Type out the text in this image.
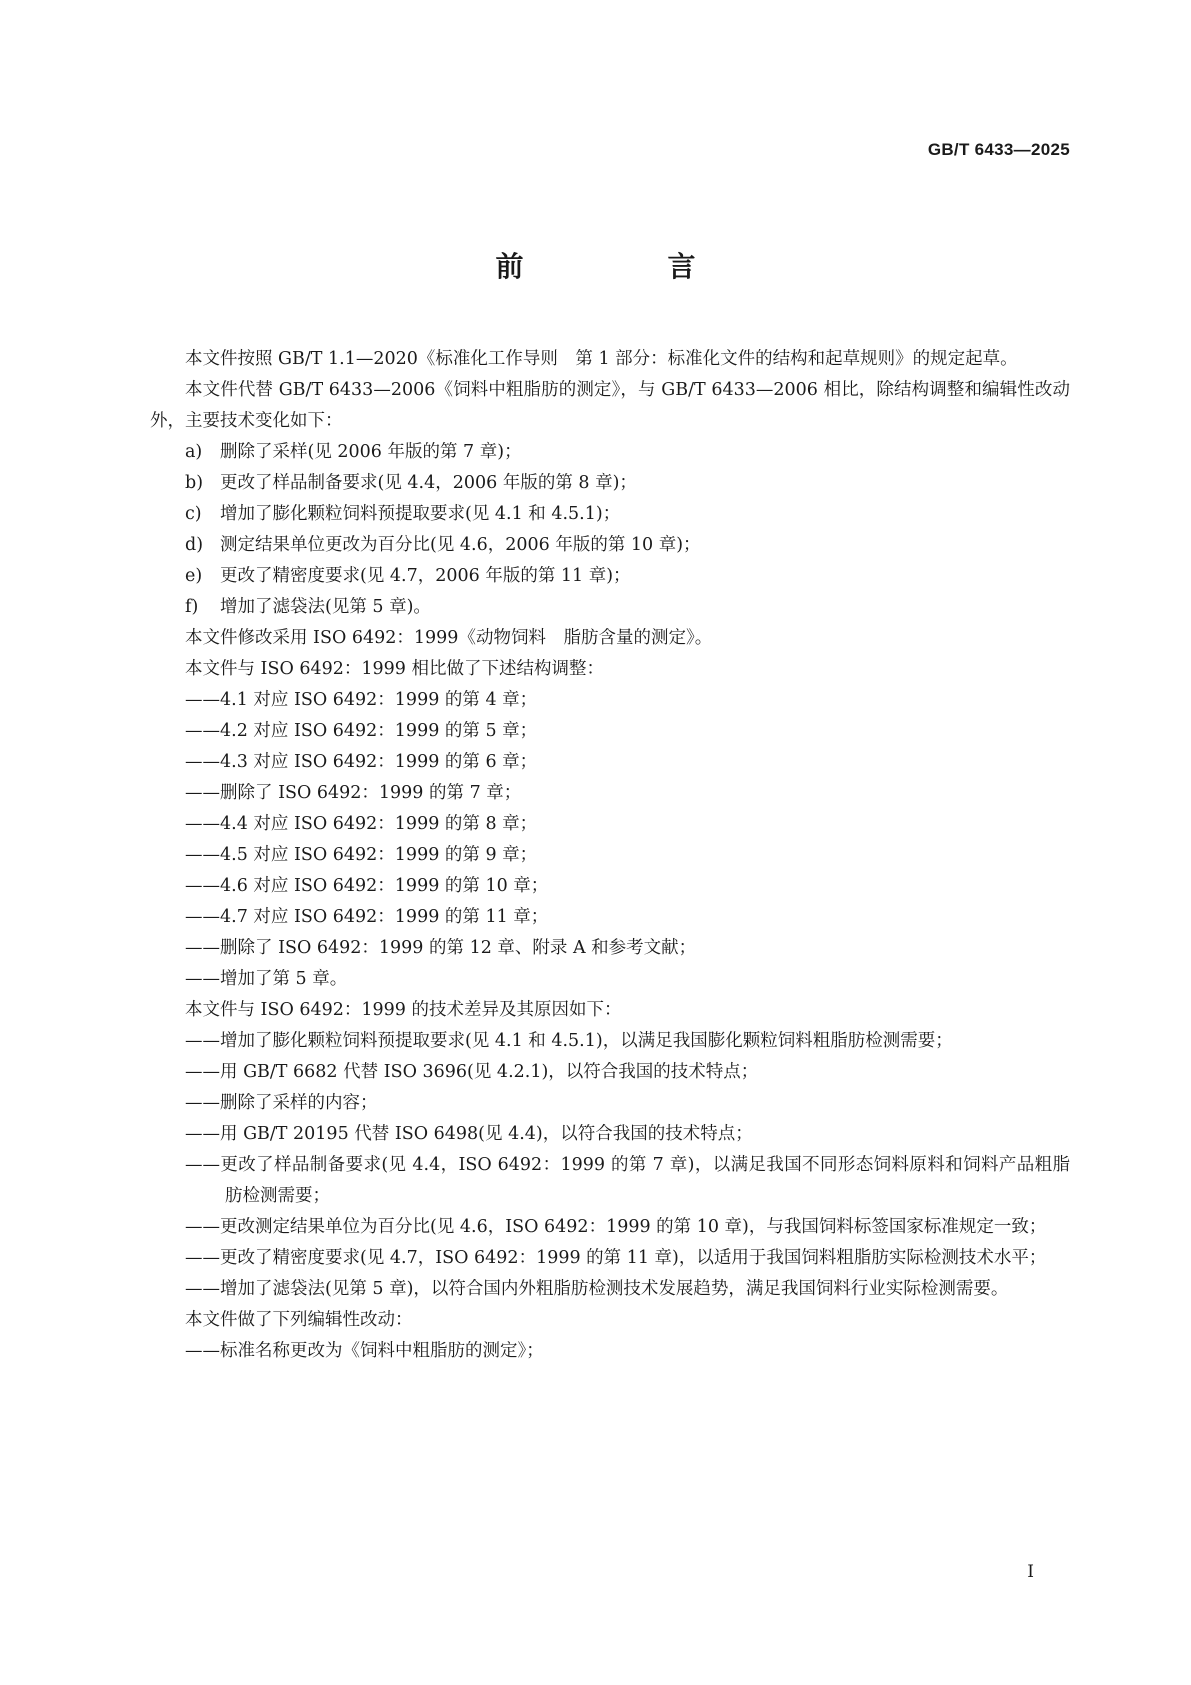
GB/T 6433—2025
前　言

本文件按照 GB/T 1.1—2020《标准化工作导则　第 1 部分：标准化文件的结构和起草规则》的规定起草。

本文件代替 GB/T 6433—2006《饲料中粗脂肪的测定》，与 GB/T 6433—2006 相比，除结构调整和编辑性改动外，主要技术变化如下：

a)	删除了采样(见 2006 年版的第 7 章)；

b) 更改了样品制备要求(见 4.4，2006 年版的第 8 章)；

c)	增加了膨化颗粒饲料预提取要求(见 4.1 和 4.5.1)；

d) 测定结果单位更改为百分比(见 4.6，2006 年版的第 10 章)；

e)	更改了精密度要求(见 4.7，2006 年版的第 11 章)；

f)	增加了滤袋法(见第 5 章)。

本文件修改采用 ISO 6492：1999《动物饲料　脂肪含量的测定》。

本文件与 ISO 6492：1999 相比做了下述结构调整：

——4.1 对应 ISO 6492：1999 的第 4 章；

——4.2 对应 ISO 6492：1999 的第 5 章；

——4.3 对应 ISO 6492：1999 的第 6 章；

——删除了 ISO 6492：1999 的第 7 章；

——4.4 对应 ISO 6492：1999 的第 8 章；

——4.5 对应 ISO 6492：1999 的第 9 章；

——4.6 对应 ISO 6492：1999 的第 10 章；

——4.7 对应 ISO 6492：1999 的第 11 章；

——删除了 ISO 6492：1999 的第 12 章、附录 A 和参考文献；

——增加了第 5 章。

本文件与 ISO 6492：1999 的技术差异及其原因如下：

——增加了膨化颗粒饲料预提取要求(见 4.1 和 4.5.1)，以满足我国膨化颗粒饲料粗脂肪检测需要；

——用 GB/T 6682 代替 ISO 3696(见 4.2.1)，以符合我国的技术特点；

——删除了采样的内容；

——用 GB/T 20195 代替 ISO 6498(见 4.4)，以符合我国的技术特点；

——更改了样品制备要求(见 4.4，ISO 6492：1999 的第 7 章)，以满足我国不同形态饲料原料和饲料产品粗脂肪检测需要；

——更改测定结果单位为百分比(见 4.6，ISO 6492：1999 的第 10 章)，与我国饲料标签国家标准规定一致；

——更改了精密度要求(见 4.7，ISO 6492：1999 的第 11 章)，以适用于我国饲料粗脂肪实际检测技术水平；

——增加了滤袋法(见第 5 章)，以符合国内外粗脂肪检测技术发展趋势，满足我国饲料行业实际检测需要。

本文件做了下列编辑性改动：

——标准名称更改为《饲料中粗脂肪的测定》；

I
